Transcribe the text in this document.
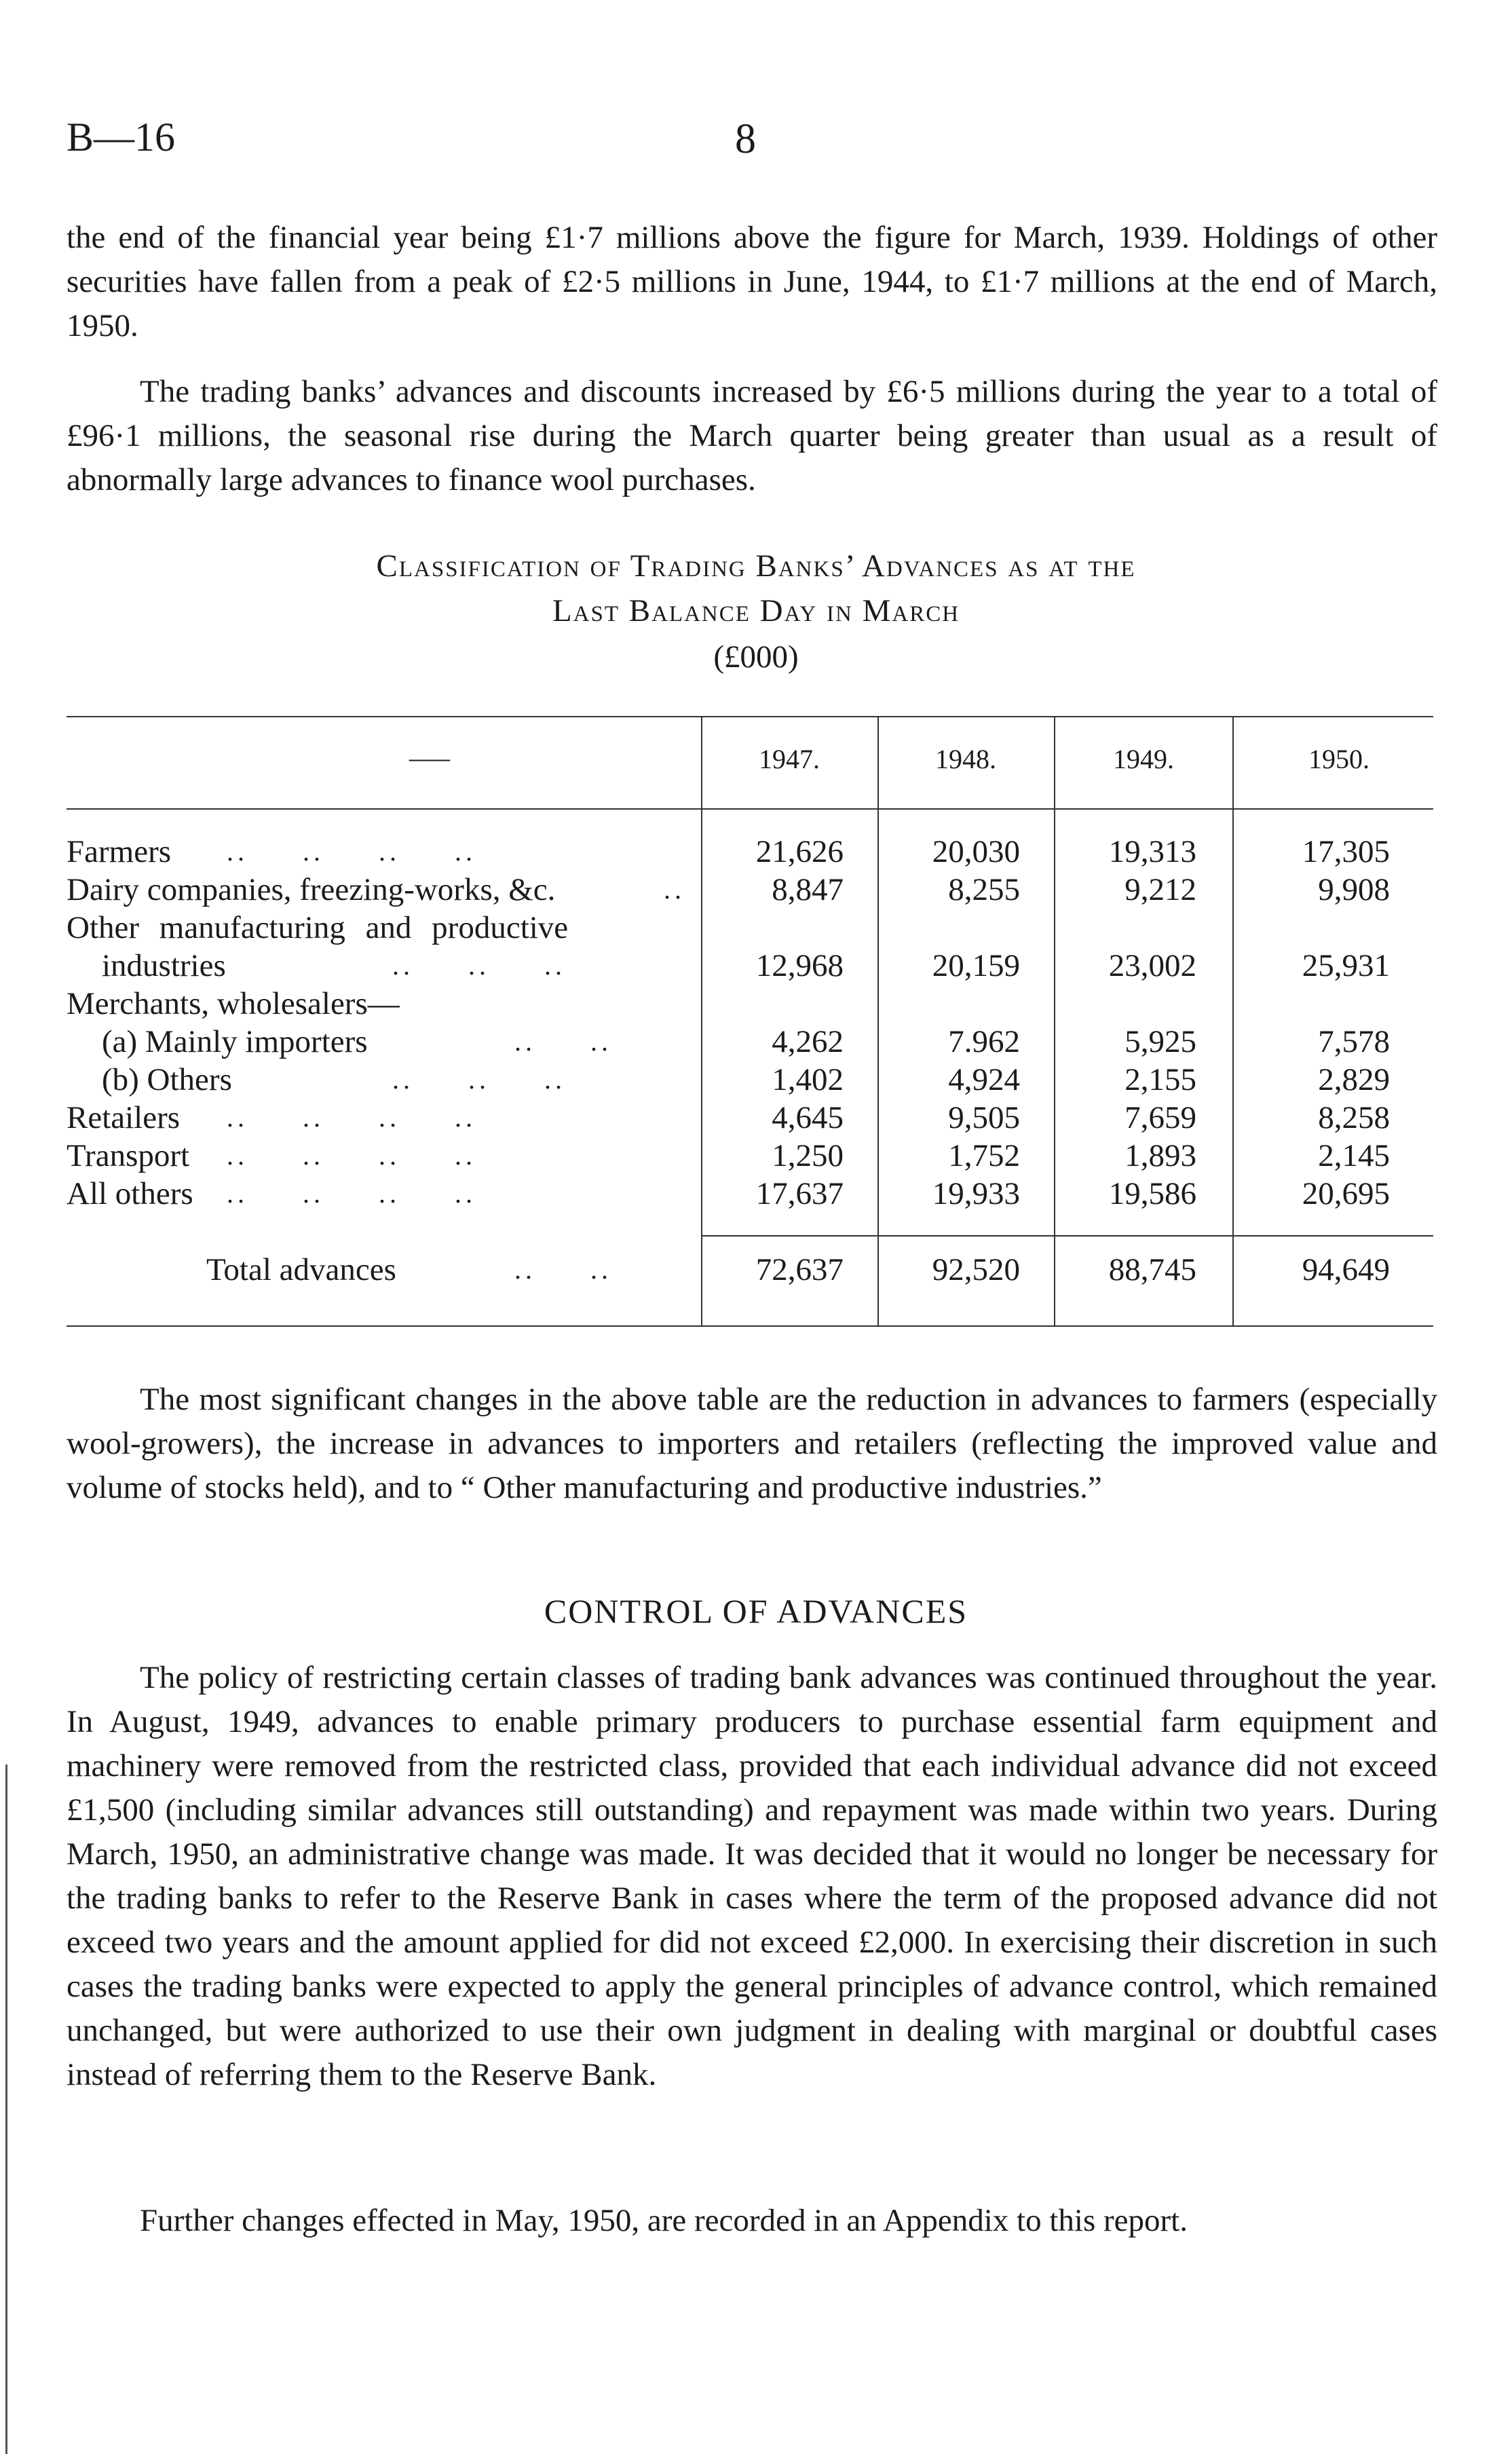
B—16	8

the end of the financial year being £1·7 millions above the figure for March, 1939. Holdings of other securities have fallen from a peak of £2·5 millions in June, 1944, to £1·7 millions at the end of March, 1950.

The trading banks’ advances and discounts increased by £6·5 millions during the year to a total of £96·1 millions, the seasonal rise during the March quarter being greater than usual as a result of abnormally large advances to finance wool purchases.

Classification of Trading Banks’ Advances as at the
Last Balance Day in March
(£000)
—–	1947.	1948.	1949.	1950.
Farmers ..     ..     ..     ..	21,626	20,030	19,313	17,305
Dairy companies, freezing-works, &c.	..	8,847	8,255	9,212	9,908
Other manufacturing and productive
industries	..     ..     ..	12,968	20,159	23,002	25,931
Merchants, wholesalers—
(a) Mainly importers	..     ..	4,262	7.962	5,925	7,578
(b) Others	..     ..     ..	1,402	4,924	2,155	2,829
Retailers ..     ..     ..     ..	4,645	9,505	7,659	8,258
Transport ..     ..     ..     ..	1,250	1,752	1,893	2,145
All others ..     ..     ..     ..	17,637	19,933	19,586	20,695
Total advances	..     ..	72,637	92,520	88,745	94,649

The most significant changes in the above table are the reduction in advances to farmers (especially wool-growers), the increase in advances to importers and retailers (reflecting the improved value and volume of stocks held), and to “ Other manufacturing and productive industries.”

CONTROL OF ADVANCES

The policy of restricting certain classes of trading bank advances was continued throughout the year. In August, 1949, advances to enable primary producers to purchase essential farm equipment and machinery were removed from the restricted class, provided that each individual advance did not exceed £1,500 (including similar advances still outstanding) and repayment was made within two years. During March, 1950, an administrative change was made. It was decided that it would no longer be necessary for the trading banks to refer to the Reserve Bank in cases where the term of the proposed advance did not exceed two years and the amount applied for did not exceed £2,000. In exercising their discretion in such cases the trading banks were expected to apply the general principles of advance control, which remained unchanged, but were authorized to use their own judgment in dealing with marginal or doubtful cases instead of referring them to the Reserve Bank.

Further changes effected in May, 1950, are recorded in an Appendix to this report.
